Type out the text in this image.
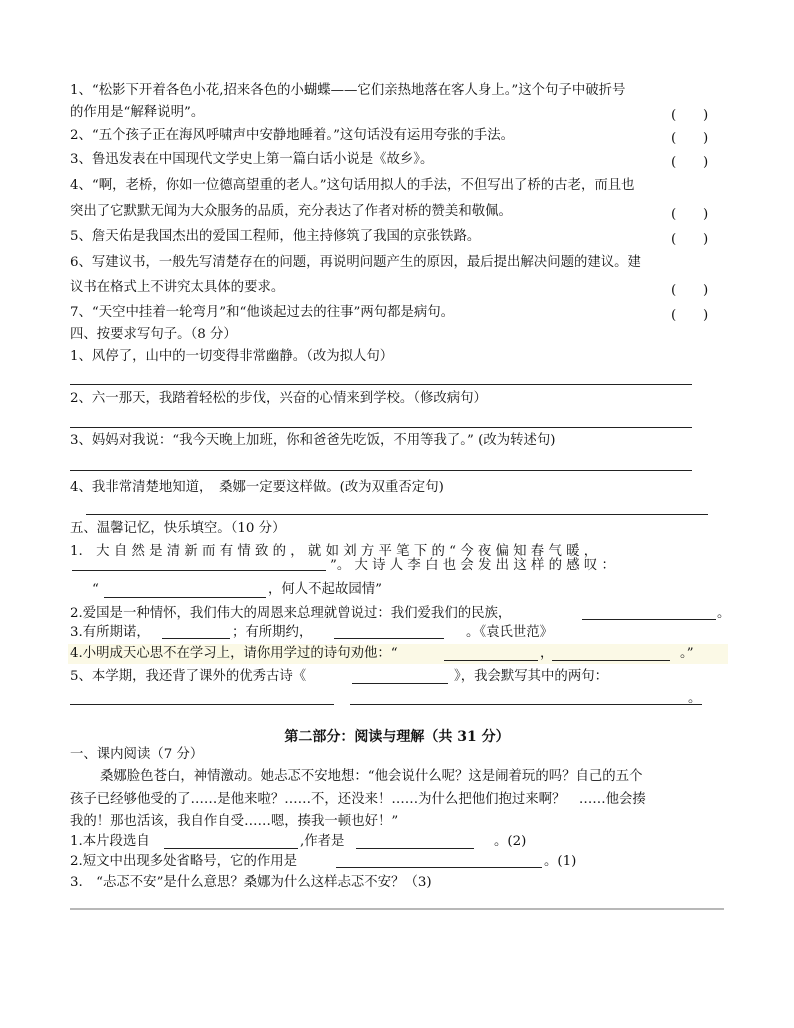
1、“松影下开着各色小花,招来各色的小蝴蝶——它们亲热地落在客人身上。”这个句子中破折号
的作用是“解释说明”。	(　　)
2、“五个孩子正在海风呼啸声中安静地睡着。”这句话没有运用夸张的手法。	(　　)
3、鲁迅发表在中国现代文学史上第一篇白话小说是《故乡》。	(　　)
4、“啊，老桥，你如一位德高望重的老人。”这句话用拟人的手法，不但写出了桥的古老，而且也
突出了它默默无闻为大众服务的品质，充分表达了作者对桥的赞美和敬佩。	(　　)
5、詹天佑是我国杰出的爱国工程师，他主持修筑了我国的京张铁路。	(　　)
6、写建议书，一般先写清楚存在的问题，再说明问题产生的原因，最后提出解决问题的建议。建
议书在格式上不讲究太具体的要求。	(　　)
7、“天空中挂着一轮弯月”和“他谈起过去的往事”两句都是病句。	(　　)
四、按要求写句子。（8 分）
1、风停了，山中的一切变得非常幽静。（改为拟人句）
2、六一那天，我踏着轻松的步伐，兴奋的心情来到学校。（修改病句）
3、妈妈对我说：“我今天晚上加班，你和爸爸先吃饭，不用等我了。” (改为转述句)
4、我非常清楚地知道，　桑娜一定要这样做。(改为双重否定句)
五、温馨记忆，快乐填空。（10 分）
1.　大 自 然 是 清 新 而 有 情 致 的 ， 就 如 刘 方 平 笔 下 的 “ 今 夜 偏 知 春 气 暖 ，
”。 大 诗 人 李 白 也 会 发 出 这 样 的 感 叹 ：
“	，何人不起故园情”
2.爱国是一种情怀，我们伟大的周恩来总理就曾说过：我们爱我们的民族，	。
3.有所期诺，	；有所期约，	。《袁氏世范》
4.小明成天心思不在学习上，请你用学过的诗句劝他：“	，	。”
5、本学期，我还背了课外的优秀古诗《	》，我会默写其中的两句：
。
第二部分：阅读与理解（共 31 分）
一、课内阅读（7 分）
桑娜脸色苍白，神情激动。她忐忑不安地想：“他会说什么呢？这是闹着玩的吗？自己的五个
孩子已经够他受的了……是他来啦？……不，还没来！……为什么把他们抱过来啊？　……他会揍
我的！那也活该，我自作自受……嗯，揍我一顿也好！”
1.本片段选自	,作者是	。(2)
2.短文中出现多处省略号，它的作用是	。(1)
3.　“忐忑不安”是什么意思？桑娜为什么这样忐忑不安？（3)
